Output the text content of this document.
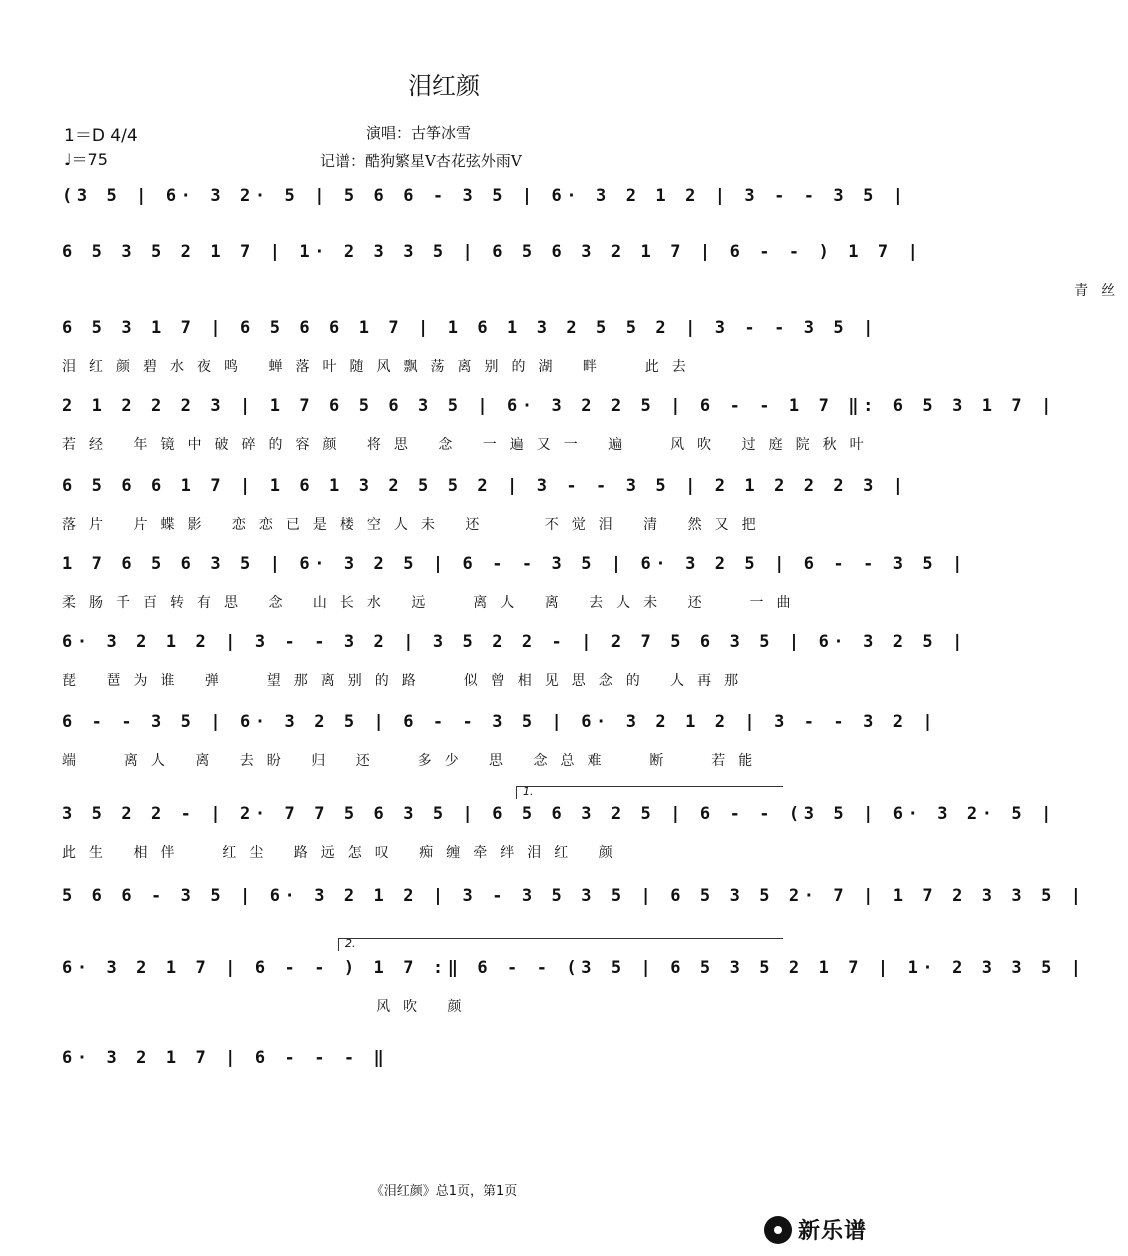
泪红颜
1＝D 4/4
♩＝75
演唱：古筝冰雪
记谱：酷狗繁星V杏花弦外雨V
(3 5 | 6· 3 2· 5 | 5 6 6 - 3 5 | 6· 3 2 1 2 | 3 - - 3 5 |
6 5 3 5 2 1 7 | 1· 2 3 3 5 | 6 5 6 3 2 1 7 | 6 - - ) 1 7 |
青丝
6 5 3 1 7 | 6 5 6 6 1 7 | 1 6 1 3 2 5 5 2 | 3 - - 3 5 |
泪红颜碧水夜鸣 蝉落叶随风飘荡离别的湖 畔  此去
2 1 2 2 2 3 | 1 7 6 5 6 3 5 | 6· 3 2 2 5 | 6 - - 1 7 ‖: 6 5 3 1 7 |
若经 年镜中破碎的容颜 将思 念 一遍又一 遍  风吹 过庭院秋叶
6 5 6 6 1 7 | 1 6 1 3 2 5 5 2 | 3 - - 3 5 | 2 1 2 2 2 3 |
落片 片蝶影 恋恋已是楼空人未 还   不觉泪 清 然又把
1 7 6 5 6 3 5 | 6· 3 2 5 | 6 - - 3 5 | 6· 3 2 5 | 6 - - 3 5 |
柔肠千百转有思 念 山长水 远  离人 离 去人未 还  一曲
6· 3 2 1 2 | 3 - - 3 2 | 3 5 2 2 - | 2 7 5 6 3 5 | 6· 3 2 5 |
琵 琶为谁 弹  望那离别的路  似曾相见思念的 人再那
6 - - 3 5 | 6· 3 2 5 | 6 - - 3 5 | 6· 3 2 1 2 | 3 - - 3 2 |
端  离人 离 去盼 归 还  多少 思 念总难  断  若能
1.
3 5 2 2 - | 2· 7 7 5 6 3 5 | 6 5 6 3 2 5 | 6 - - (3 5 | 6· 3 2· 5 |
此生 相伴  红尘 路远怎叹 痴缠牵绊泪红 颜
5 6 6 - 3 5 | 6· 3 2 1 2 | 3 - 3 5 3 5 | 6 5 3 5 2· 7 | 1 7 2 3 3 5 |
2.
6· 3 2 1 7 | 6 - - ) 1 7 :‖ 6 - - (3 5 | 6 5 3 5 2 1 7 | 1· 2 3 3 5 |
风吹 颜
6· 3 2 1 7 | 6 - - - ‖
《泪红颜》总1页，第1页
新乐谱
